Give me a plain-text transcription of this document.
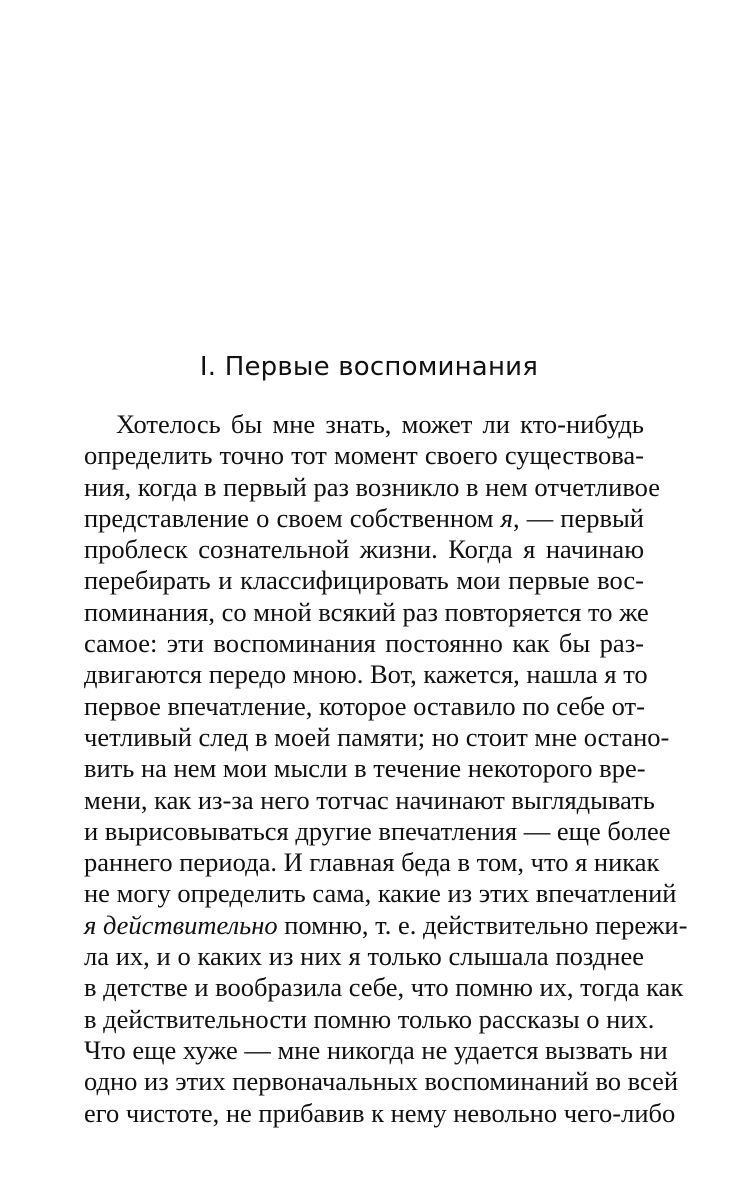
I. Первые воспоминания
Хотелось бы мне знать, может ли кто-нибудь
определить точно тот момент своего существова-
ния, когда в первый раз возникло в нем отчетливое
представление о своем собственном я, — первый
проблеск сознательной жизни. Когда я начинаю
перебирать и классифицировать мои первые вос-
поминания, со мной всякий раз повторяется то же
самое: эти воспоминания постоянно как бы раз-
двигаются передо мною. Вот, кажется, нашла я то
первое впечатление, которое оставило по себе от-
четливый след в моей памяти; но стоит мне остано-
вить на нем мои мысли в течение некоторого вре-
мени, как из-за него тотчас начинают выглядывать
и вырисовываться другие впечатления — еще более
раннего периода. И главная беда в том, что я никак
не могу определить сама, какие из этих впечатлений
я действительно помню, т. е. действительно пережи-
ла их, и о каких из них я только слышала позднее
в детстве и вообразила себе, что помню их, тогда как
в действительности помню только рассказы о них.
Что еще хуже — мне никогда не удается вызвать ни
одно из этих первоначальных воспоминаний во всей
его чистоте, не прибавив к нему невольно чего-либо
